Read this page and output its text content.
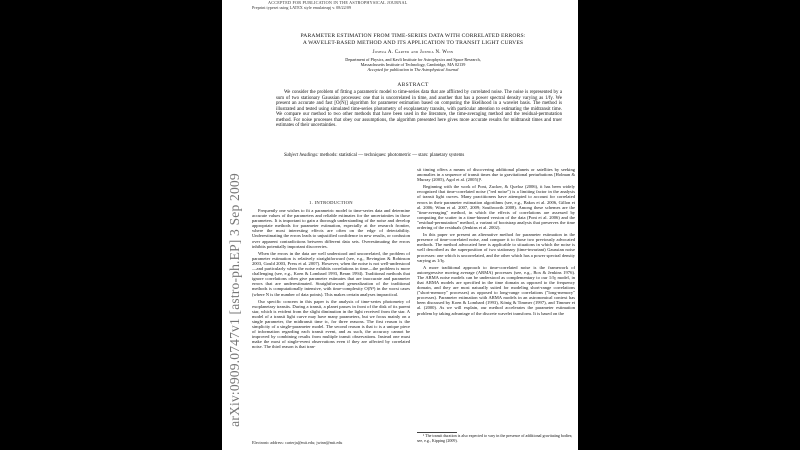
arXiv:0909.0747v1 [astro-ph.EP] 3 Sep 2009
ACCEPTED FOR PUBLICATION IN THE ASTROPHYSICAL JOURNAL
Preprint typeset using LATEX style emulateapj v. 08/22/09
PARAMETER ESTIMATION FROM TIME-SERIES DATA WITH CORRELATED ERRORS:
A WAVELET-BASED METHOD AND ITS APPLICATION TO TRANSIT LIGHT CURVES
Joshua A. Carter and Joshua N. Winn
Department of Physics, and Kavli Institute for Astrophysics and Space Research,
Massachusetts Institute of Technology, Cambridge, MA 02139
Accepted for publication in The Astrophysical Journal
ABSTRACT

We consider the problem of fitting a parametric model to time-series data that are afflicted by correlated noise. The noise is represented by a sum of two stationary Gaussian processes: one that is uncorrelated in time, and another that has a power spectral density varying as 1/fγ. We present an accurate and fast [O(N)] algorithm for parameter estimation based on computing the likelihood in a wavelet basis. The method is illustrated and tested using simulated time-series photometry of exoplanetary transits, with particular attention to estimating the midtransit time. We compare our method to two other methods that have been used in the literature, the time-averaging method and the residual-permutation method. For noise processes that obey our assumptions, the algorithm presented here gives more accurate results for midtransit times and truer estimates of their uncertainties.

Subject headings: methods: statistical — techniques: photometric — stars: planetary systems

1. INTRODUCTION

Frequently one wishes to fit a parametric model to time-series data and determine accurate values of the parameters and reliable estimates for the uncertainties in those parameters. It is important to gain a thorough understanding of the noise and develop appropriate methods for parameter estimation, especially at the research frontier, where the most interesting effects are often on the edge of detectability. Underestimating the errors leads to unjustified confidence in new results, or confusion over apparent contradictions between different data sets. Overestimating the errors inhibits potentially important discoveries.

When the errors in the data are well understood and uncorrelated, the problem of parameter estimation is relatively straightforward (see, e.g., Bevington & Robinson 2003, Gould 2003, Press et al. 2007). However, when the noise is not well-understood—and particularly when the noise exhibits correlations in time—the problem is more challenging (see, e.g., Koen & Lombard 1993, Beran 1994). Traditional methods that ignore correlations often give parameter estimates that are inaccurate and parameter errors that are underestimated. Straightforward generalization of the traditional methods is computationally intensive, with time-complexity O(N³) in the worst cases (where N is the number of data points). This makes certain analyses impractical.

Our specific concern in this paper is the analysis of time-series photometry of exoplanetary transits. During a transit, a planet passes in front of the disk of its parent star, which is evident from the slight diminution in the light received from the star. A model of a transit light curve may have many parameters, but we focus mainly on a single parameter, the midtransit time tc, for three reasons. The first reason is the simplicity of a single-parameter model. The second reason is that tc is a unique piece of information regarding each transit event, and as such, the accuracy cannot be improved by combining results from multiple transit observations. Instead one must make the most of single-event observations even if they are affected by correlated noise. The third reason is that tran-

sit timing offers a means of discovering additional planets or satellites by seeking anomalies in a sequence of transit times due to gravitational perturbations [Holman & Murray (2005), Agol et al. (2005)]¹.

Beginning with the work of Pont, Zucker, & Queloz (2006), it has been widely recognized that time-correlated noise ("red noise") is a limiting factor in the analysis of transit light curves. Many practitioners have attempted to account for correlated errors in their parameter estimation algorithms (see, e.g., Bakos et al. 2006, Gillon et al. 2006; Winn et al. 2007, 2009; Southworth 2008). Among these schemes are the "time-averaging" method, in which the effects of correlations are assessed by computing the scatter in a time-binned version of the data (Pont et al. 2006) and the "residual-permutation" method, a variant of bootstrap analysis that preserves the time ordering of the residuals (Jenkins et al. 2002).

In this paper we present an alternative method for parameter estimation in the presence of time-correlated noise, and compare it to those two previously advocated methods. The method advocated here is applicable to situations in which the noise is well described as the superposition of two stationary (time-invariant) Gaussian noise processes: one which is uncorrelated, and the other which has a power spectral density varying as 1/fγ.

A more traditional approach to time-correlated noise is the framework of autoregressive moving average (ARMA) processes (see, e.g., Box & Jenkins 1976). The ARMA noise models can be understood as complementary to our 1/fγ model, in that ARMA models are specified in the time domain as opposed to the frequency domain, and they are most naturally suited for modeling short-range correlations ("short-memory" processes) as opposed to long-range correlations ("long-memory" processes). Parameter estimation with ARMA models in an astronomical context has been discussed by Koen & Lombard (1993), König & Timmer (1997), and Timmer et al. (2000). As we will explain, our method accelerates the parameter estimation problem by taking advantage of the discrete wavelet transform. It is based on the

¹ The transit duration is also expected to vary in the presence of additional gravitating bodies; see, e.g., Kipping (2009).

Electronic address: carterja@mit.edu; jwinn@mit.edu
